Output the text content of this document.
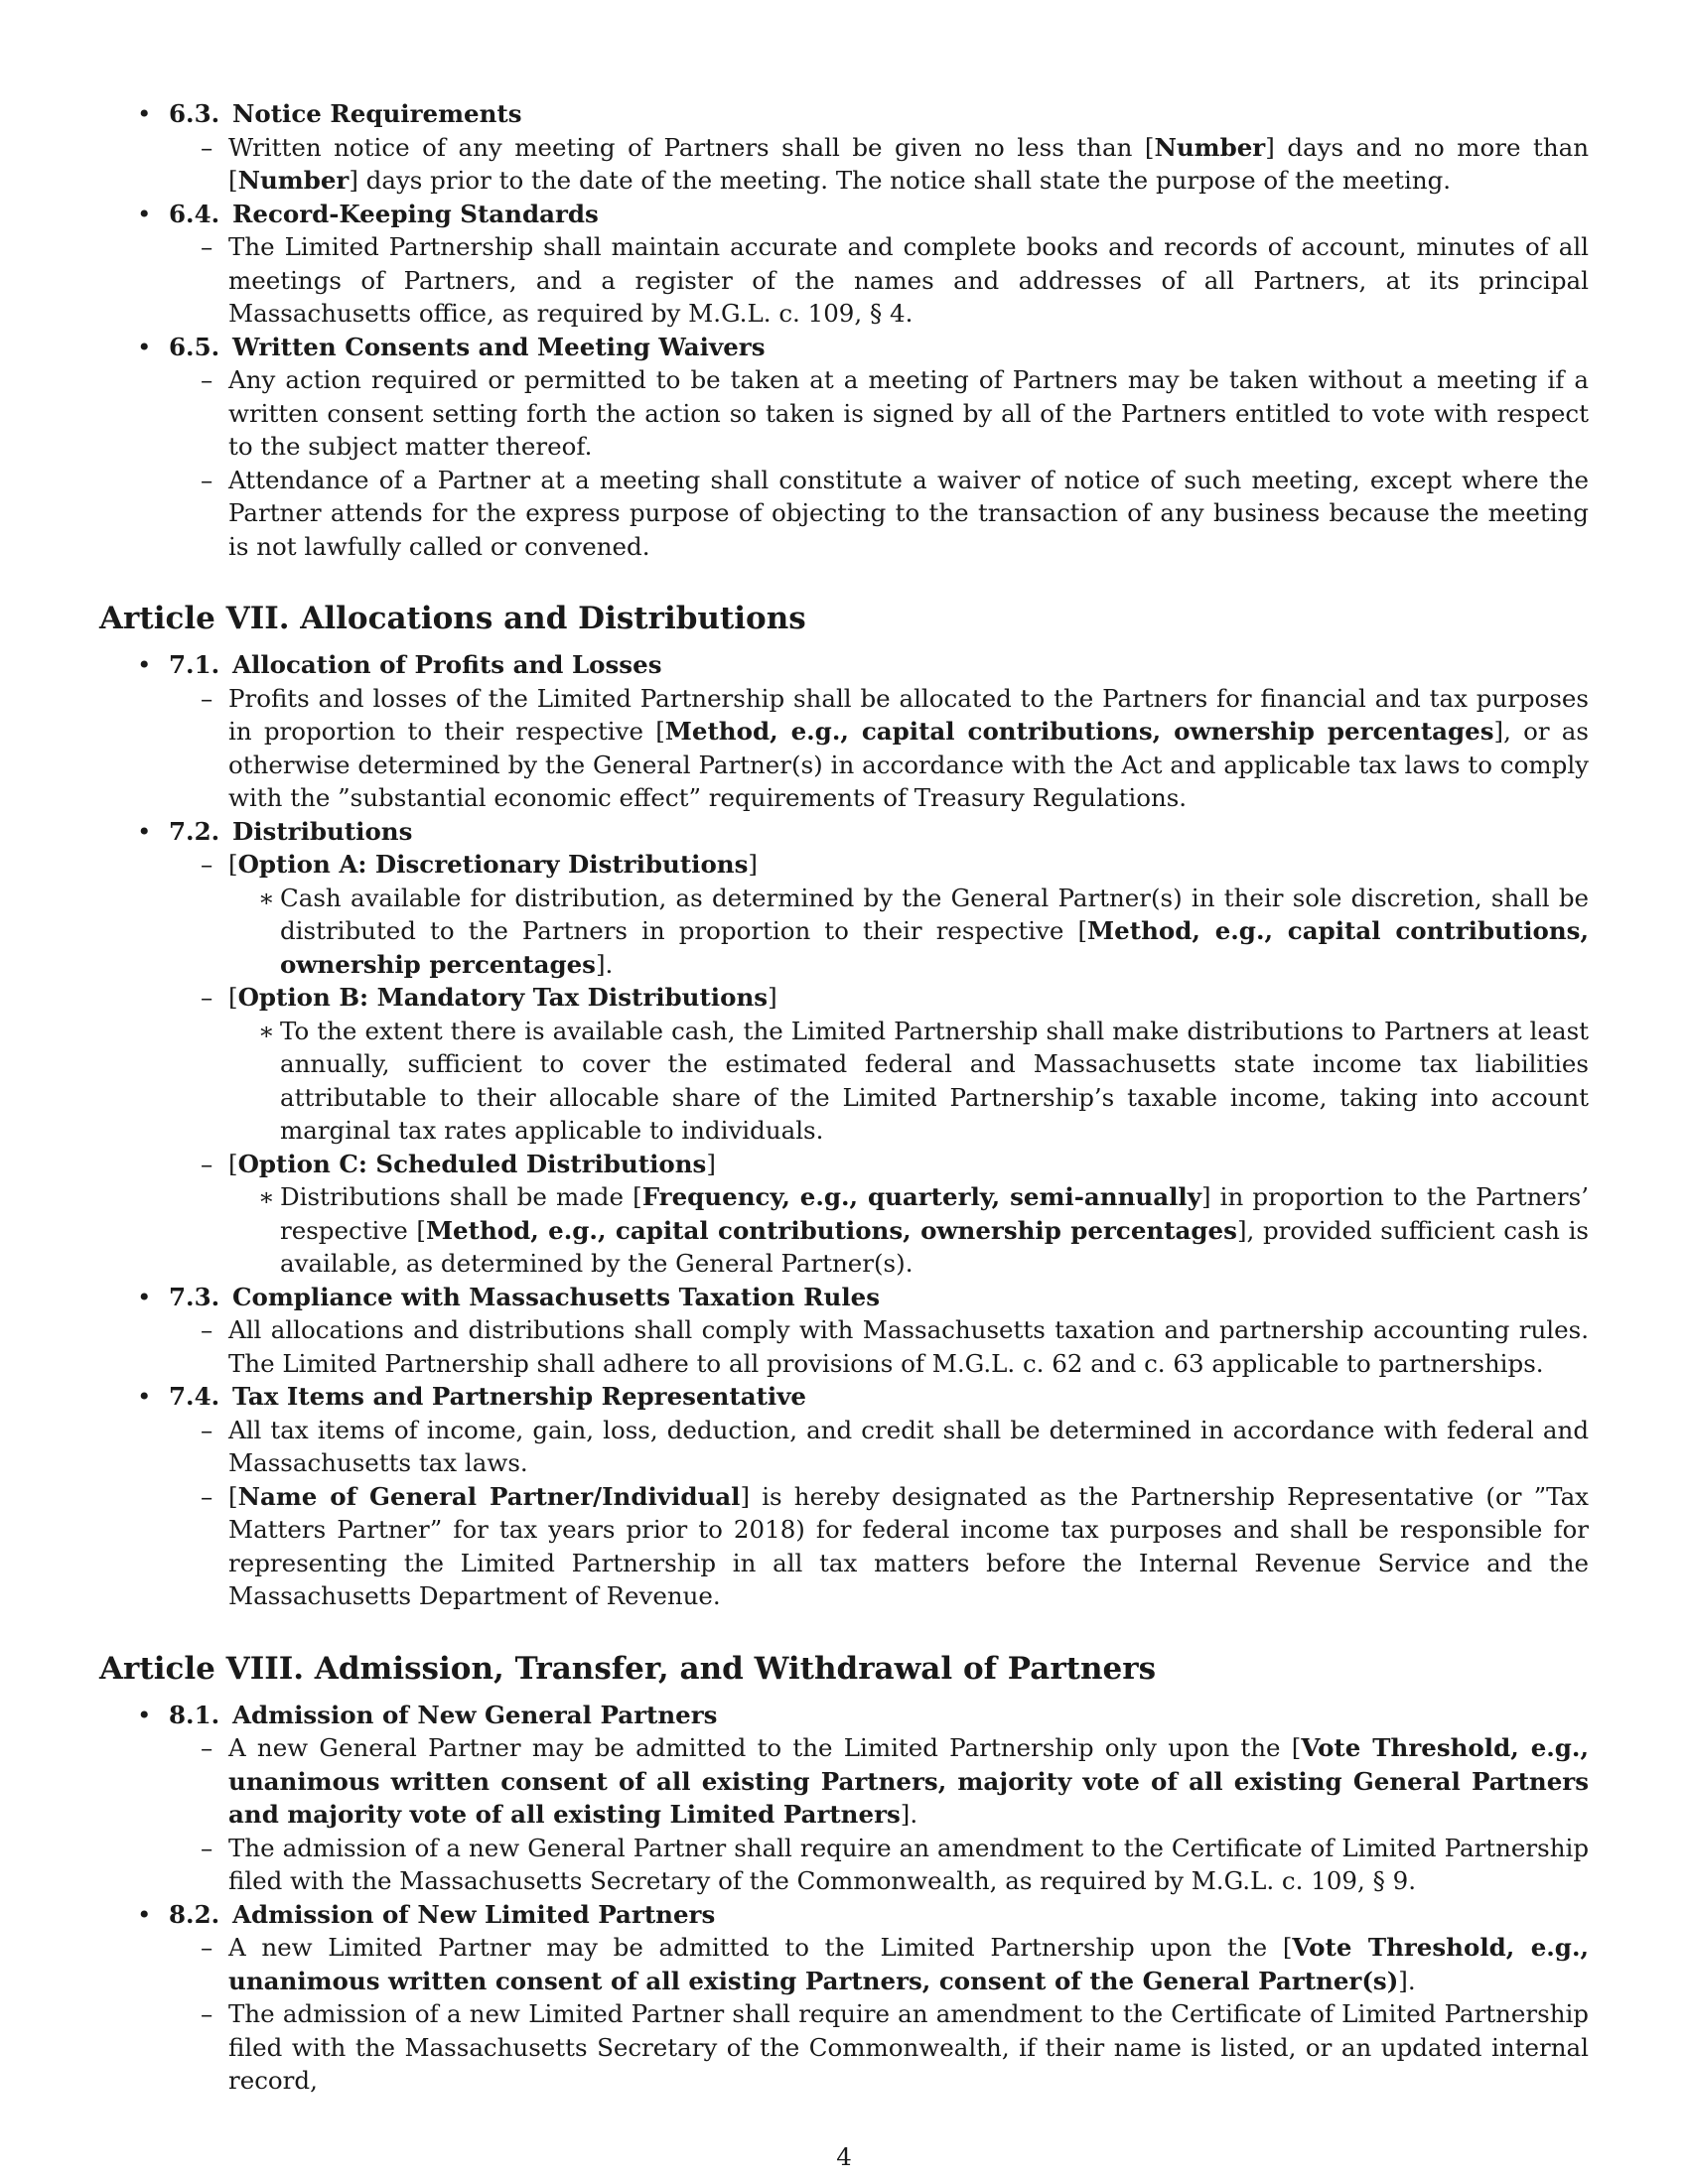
• 6.3. Notice Requirements

– Written notice of any meeting of Partners shall be given no less than [Number] days and no more than [Number] days prior to the date of the meeting. The notice shall state the purpose of the meeting.

• 6.4. Record-Keeping Standards

– The Limited Partnership shall maintain accurate and complete books and records of account, minutes of all meetings of Partners, and a register of the names and addresses of all Partners, at its principal Massachusetts office, as required by M.G.L. c. 109, § 4.

• 6.5. Written Consents and Meeting Waivers

– Any action required or permitted to be taken at a meeting of Partners may be taken without a meeting if a written consent setting forth the action so taken is signed by all of the Partners entitled to vote with respect to the subject matter thereof.

– Attendance of a Partner at a meeting shall constitute a waiver of notice of such meeting, except where the Partner attends for the express purpose of objecting to the transaction of any business because the meeting is not lawfully called or convened.

Article VII. Allocations and Distributions

• 7.1. Allocation of Profits and Losses

– Profits and losses of the Limited Partnership shall be allocated to the Partners for financial and tax purposes in proportion to their respective [Method, e.g., capital contributions, ownership percentages], or as otherwise determined by the General Partner(s) in accordance with the Act and applicable tax laws to comply with the ”substantial economic effect” requirements of Treasury Regulations.

• 7.2. Distributions

– [Option A: Discretionary Distributions]

∗ Cash available for distribution, as determined by the General Partner(s) in their sole discretion, shall be distributed to the Partners in proportion to their respective [Method, e.g., capital contributions, ownership percentages].

– [Option B: Mandatory Tax Distributions]

∗ To the extent there is available cash, the Limited Partnership shall make distributions to Partners at least annually, sufficient to cover the estimated federal and Massachusetts state income tax liabilities attributable to their allocable share of the Limited Partnership’s taxable income, taking into account marginal tax rates applicable to individuals.

– [Option C: Scheduled Distributions]

∗ Distributions shall be made [Frequency, e.g., quarterly, semi-annually] in proportion to the Partners’ respective [Method, e.g., capital contributions, ownership percentages], provided sufficient cash is available, as determined by the General Partner(s).

• 7.3. Compliance with Massachusetts Taxation Rules

– All allocations and distributions shall comply with Massachusetts taxation and partnership accounting rules. The Limited Partnership shall adhere to all provisions of M.G.L. c. 62 and c. 63 applicable to partnerships.

• 7.4. Tax Items and Partnership Representative

– All tax items of income, gain, loss, deduction, and credit shall be determined in accordance with federal and Massachusetts tax laws.

– [Name of General Partner/Individual] is hereby designated as the Partnership Representative (or ”Tax Matters Partner” for tax years prior to 2018) for federal income tax purposes and shall be responsible for representing the Limited Partnership in all tax matters before the Internal Revenue Service and the Massachusetts Department of Revenue.

Article VIII. Admission, Transfer, and Withdrawal of Partners

• 8.1. Admission of New General Partners

– A new General Partner may be admitted to the Limited Partnership only upon the [Vote Threshold, e.g., unanimous written consent of all existing Partners, majority vote of all existing General Partners and majority vote of all existing Limited Partners].

– The admission of a new General Partner shall require an amendment to the Certificate of Limited Partnership filed with the Massachusetts Secretary of the Commonwealth, as required by M.G.L. c. 109, § 9.

• 8.2. Admission of New Limited Partners

– A new Limited Partner may be admitted to the Limited Partnership upon the [Vote Threshold, e.g., unanimous written consent of all existing Partners, consent of the General Partner(s)].

– The admission of a new Limited Partner shall require an amendment to the Certificate of Limited Partnership filed with the Massachusetts Secretary of the Commonwealth, if their name is listed, or an updated internal record,

4
